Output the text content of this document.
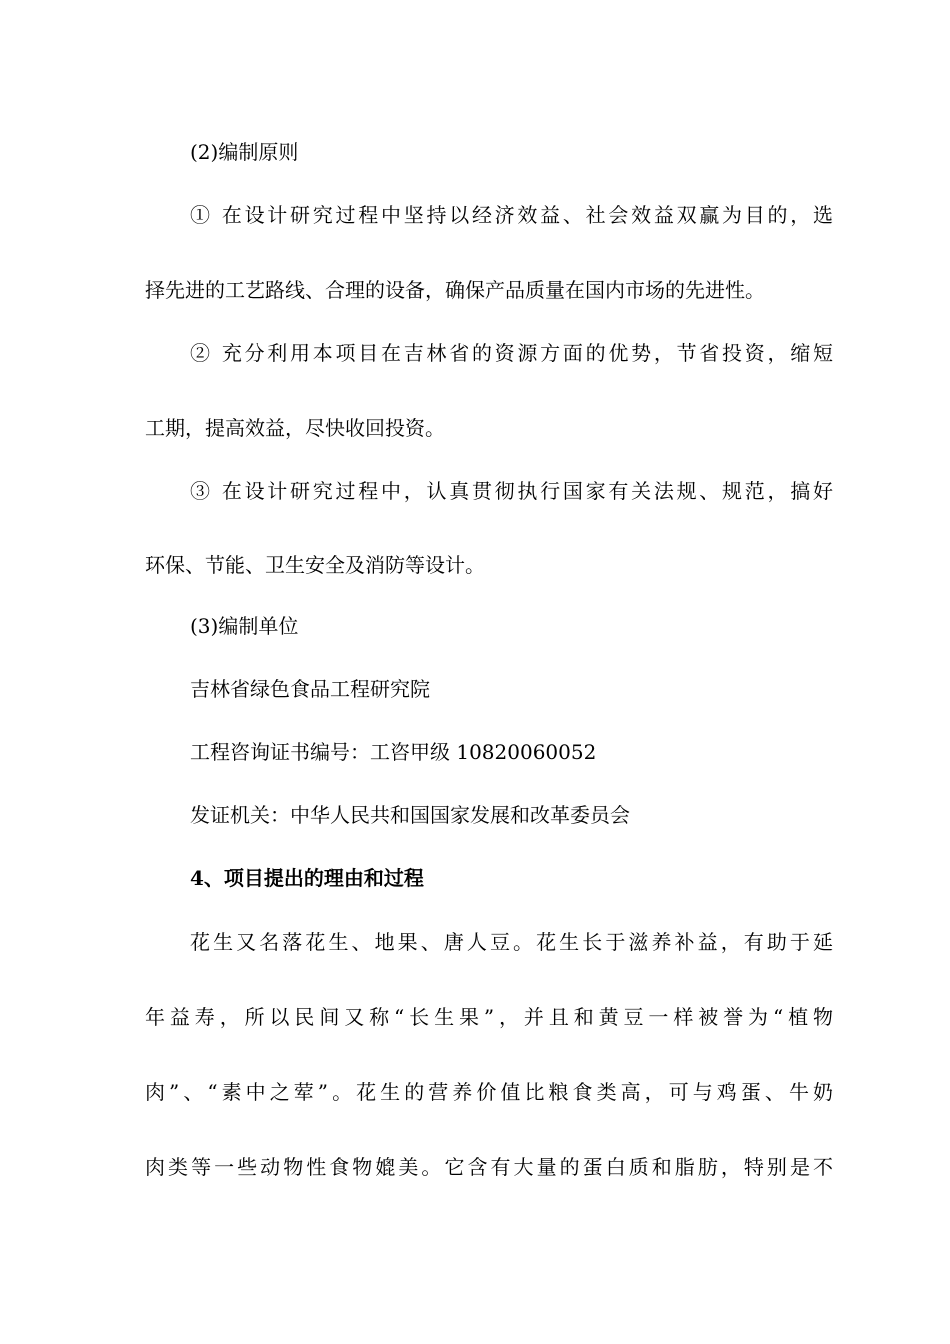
(2)编制原则

① 在设计研究过程中坚持以经济效益、社会效益双赢为目的，选

择先进的工艺路线、合理的设备，确保产品质量在国内市场的先进性。

② 充分利用本项目在吉林省的资源方面的优势，节省投资，缩短

工期，提高效益，尽快收回投资。

③ 在设计研究过程中，认真贯彻执行国家有关法规、规范，搞好

环保、节能、卫生安全及消防等设计。

(3)编制单位

吉林省绿色食品工程研究院

工程咨询证书编号：工咨甲级 10820060052

发证机关：中华人民共和国国家发展和改革委员会

4、项目提出的理由和过程

花生又名落花生、地果、唐人豆。花生长于滋养补益，有助于延

年益寿，所以民间又称“长生果”，并且和黄豆一样被誉为“植物

肉”、“素中之荤”。花生的营养价值比粮食类高，可与鸡蛋、牛奶

肉类等一些动物性食物媲美。它含有大量的蛋白质和脂肪，特别是不
